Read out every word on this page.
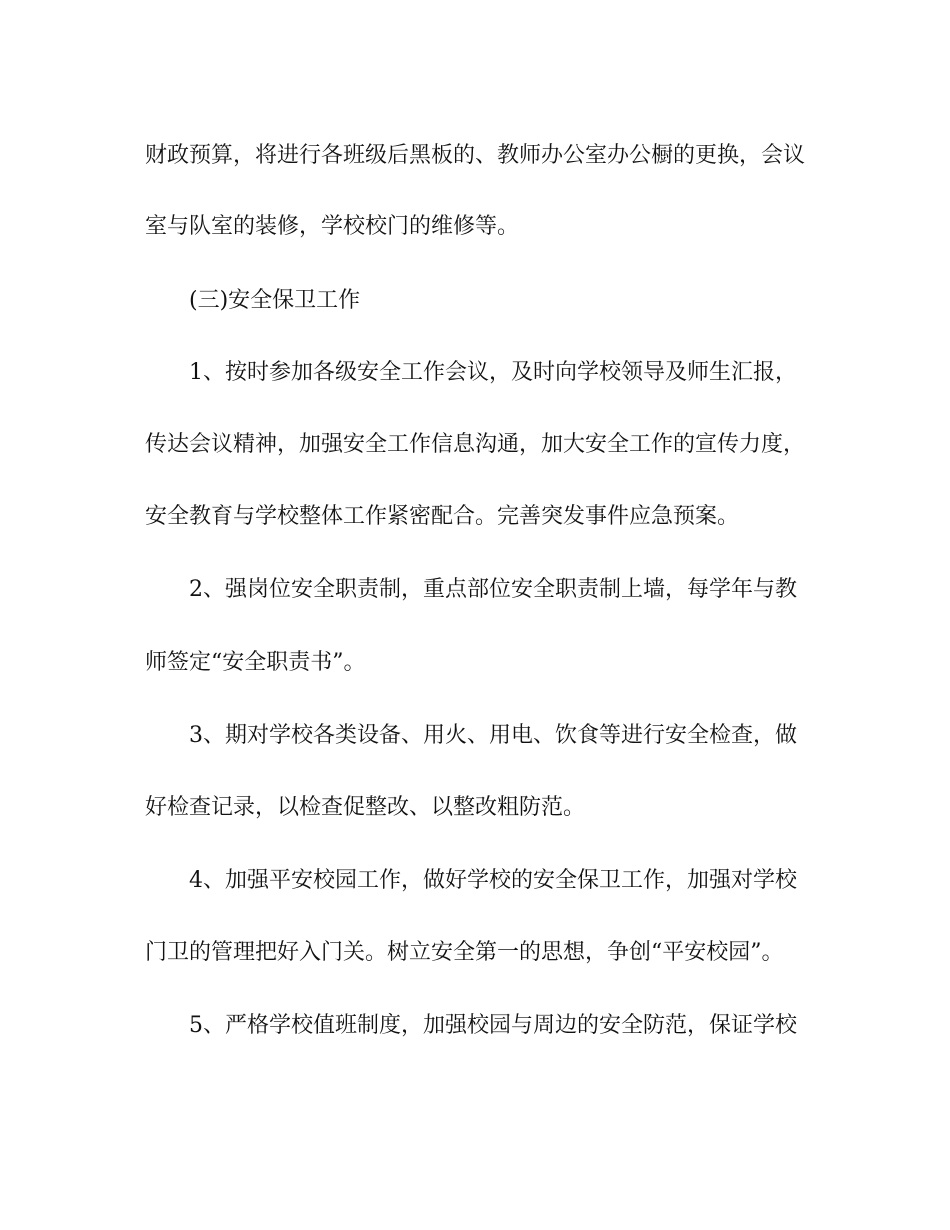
财政预算，将进行各班级后黑板的、教师办公室办公橱的更换，会议
室与队室的装修，学校校门的维修等。
(三)安全保卫工作
1、按时参加各级安全工作会议，及时向学校领导及师生汇报，
传达会议精神，加强安全工作信息沟通，加大安全工作的宣传力度，
安全教育与学校整体工作紧密配合。完善突发事件应急预案。
2、强岗位安全职责制，重点部位安全职责制上墙，每学年与教
师签定“安全职责书”。
3、期对学校各类设备、用火、用电、饮食等进行安全检查，做
好检查记录，以检查促整改、以整改粗防范。
4、加强平安校园工作，做好学校的安全保卫工作，加强对学校
门卫的管理把好入门关。树立安全第一的思想，争创“平安校园”。
5、严格学校值班制度，加强校园与周边的安全防范，保证学校
